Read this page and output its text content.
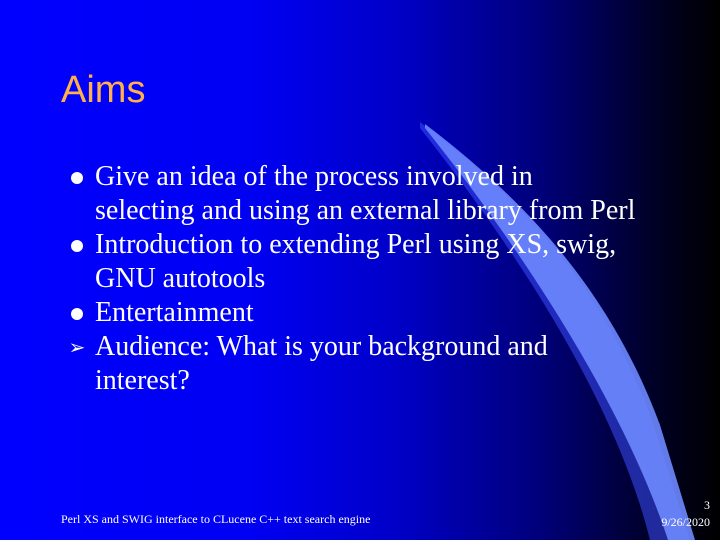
Aims
Give an idea of the process involved in selecting and using an external library from Perl
Introduction to extending Perl using XS, swig, GNU autotools
Entertainment
➢ Audience: What is your background and interest?
Perl XS and SWIG interface to CLucene C++ text search engine
3
9/26/2020
